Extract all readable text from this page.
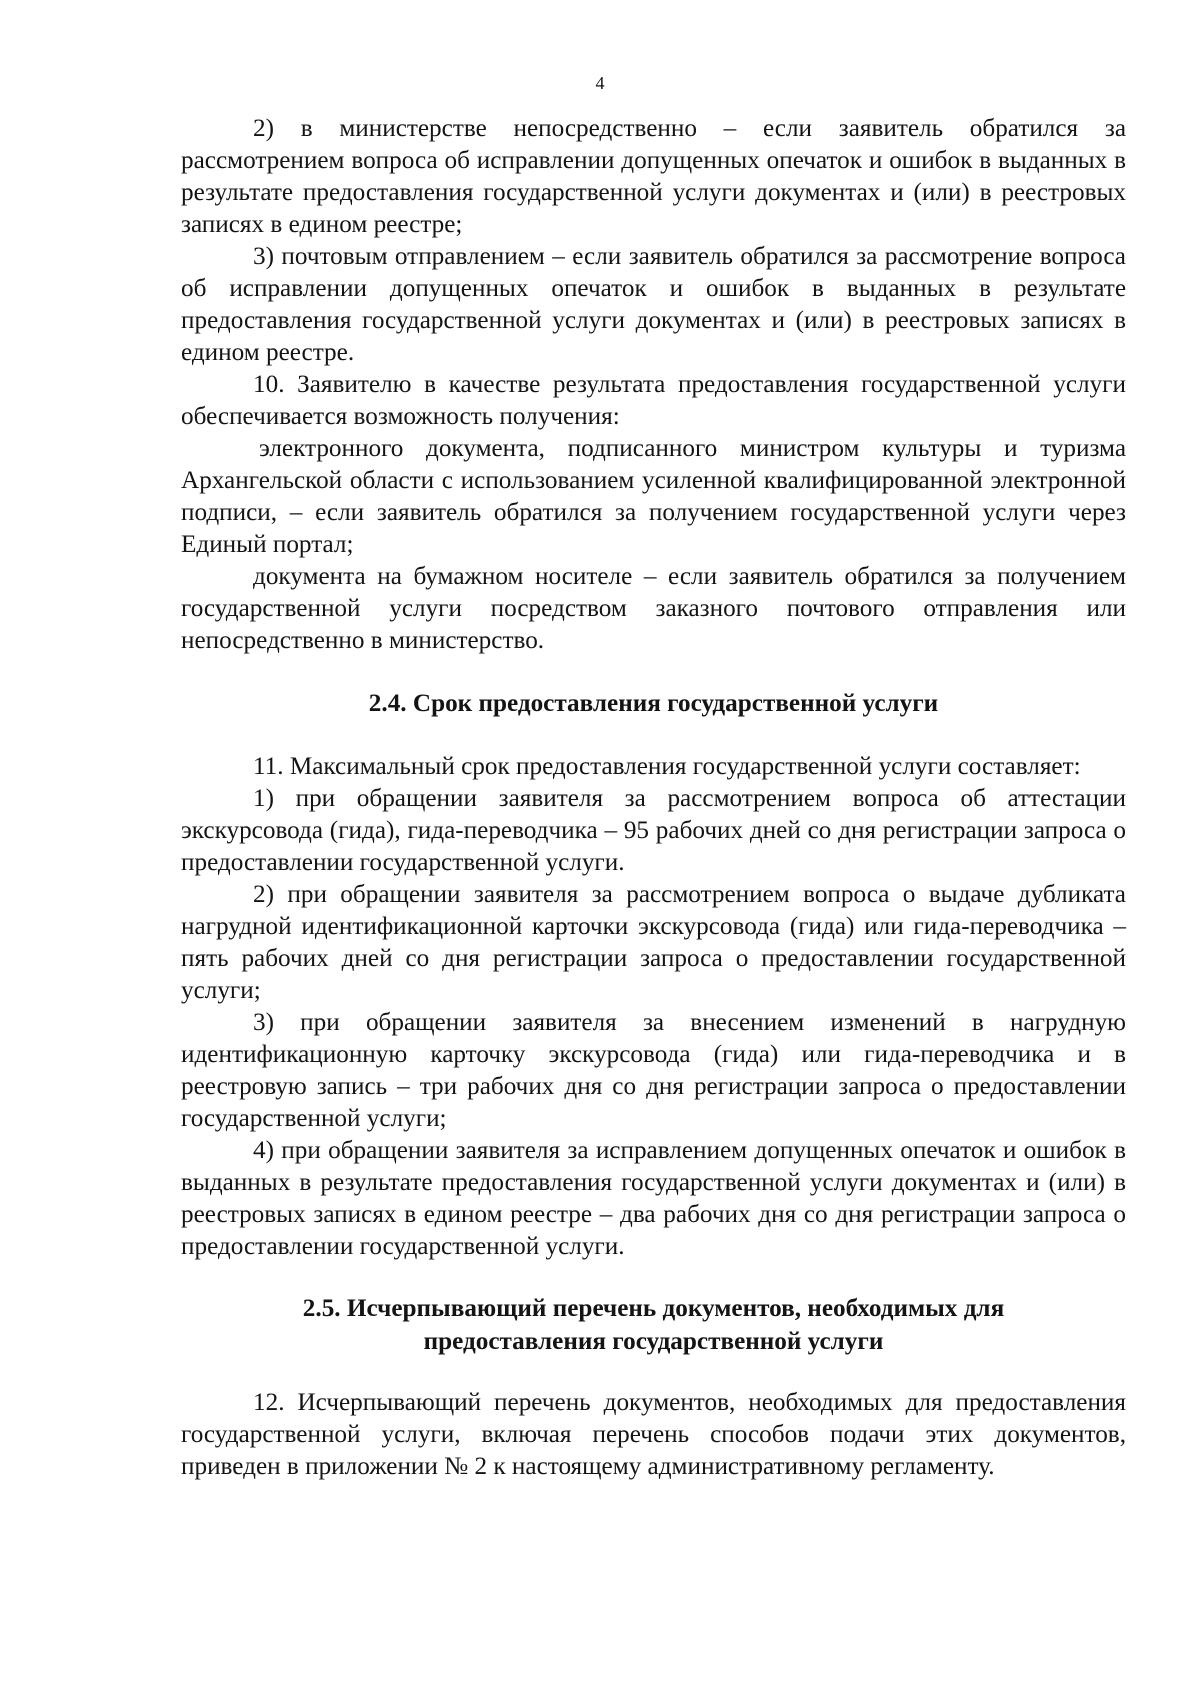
4

2) в министерстве непосредственно – если заявитель обратился за рассмотрением вопроса об исправлении допущенных опечаток и ошибок в выданных в результате предоставления государственной услуги документах и (или) в реестровых записях в едином реестре;

3) почтовым отправлением – если заявитель обратился за рассмотрение вопроса об исправлении допущенных опечаток и ошибок в выданных в результате предоставления государственной услуги документах и (или) в реестровых записях в едином реестре.

10. Заявителю в качестве результата предоставления государственной услуги обеспечивается возможность получения:

электронного документа, подписанного министром культуры и туризма Архангельской области с использованием усиленной квалифицированной электронной подписи, – если заявитель обратился за получением государственной услуги через Единый портал;

документа на бумажном носителе – если заявитель обратился за получением государственной услуги посредством заказного почтового отправления или непосредственно в министерство.

2.4. Срок предоставления государственной услуги

11. Максимальный срок предоставления государственной услуги составляет:

1) при обращении заявителя за рассмотрением вопроса об аттестации экскурсовода (гида), гида-переводчика – 95 рабочих дней со дня регистрации запроса о предоставлении государственной услуги.

2) при обращении заявителя за рассмотрением вопроса о выдаче дубликата нагрудной идентификационной карточки экскурсовода (гида) или гида-переводчика – пять рабочих дней со дня регистрации запроса о предоставлении государственной услуги;

3) при обращении заявителя за внесением изменений в нагрудную идентификационную карточку экскурсовода (гида) или гида-переводчика и в реестровую запись – три рабочих дня со дня регистрации запроса о предоставлении государственной услуги;

4) при обращении заявителя за исправлением допущенных опечаток и ошибок в выданных в результате предоставления государственной услуги документах и (или) в реестровых записях в едином реестре – два рабочих дня со дня регистрации запроса о предоставлении государственной услуги.

2.5. Исчерпывающий перечень документов, необходимых для

предоставления государственной услуги

12. Исчерпывающий перечень документов, необходимых для предоставления государственной услуги, включая перечень способов подачи этих документов, приведен в приложении № 2 к настоящему административному регламенту.
